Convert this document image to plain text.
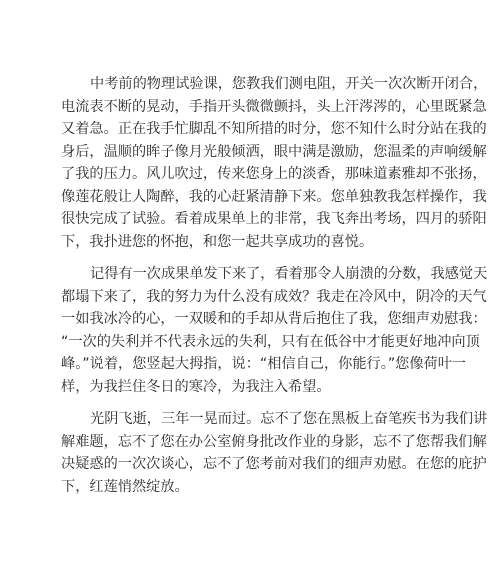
中考前的物理试验课，您教我们测电阻，开关一次次断开闭合，
电流表不断的晃动，手指开头微微颤抖，头上汗涔涔的，心里既紧急
又着急。正在我手忙脚乱不知所措的时分，您不知什么时分站在我的
身后，温顺的眸子像月光般倾洒，眼中满是激励，您温柔的声响缓解
了我的压力。风儿吹过，传来您身上的淡香，那味道素雅却不张扬，
像莲花般让人陶醉，我的心赶紧清静下来。您单独教我怎样操作，我
很快完成了试验。看着成果单上的非常，我飞奔出考场，四月的骄阳
下，我扑进您的怀抱，和您一起共享成功的喜悦。

记得有一次成果单发下来了，看着那令人崩溃的分数，我感觉天
都塌下来了，我的努力为什么没有成效？我走在冷风中，阴冷的天气
一如我冰冷的心，一双暖和的手却从背后抱住了我，您细声劝慰我：
“一次的失利并不代表永远的失利，只有在低谷中才能更好地冲向顶
峰。”说着，您竖起大拇指，说：“相信自己，你能行。”您像荷叶一
样，为我拦住冬日的寒冷，为我注入希望。

光阴飞逝，三年一晃而过。忘不了您在黑板上奋笔疾书为我们讲
解难题，忘不了您在办公室俯身批改作业的身影，忘不了您帮我们解
决疑惑的一次次谈心，忘不了您考前对我们的细声劝慰。在您的庇护
下，红莲悄然绽放。
